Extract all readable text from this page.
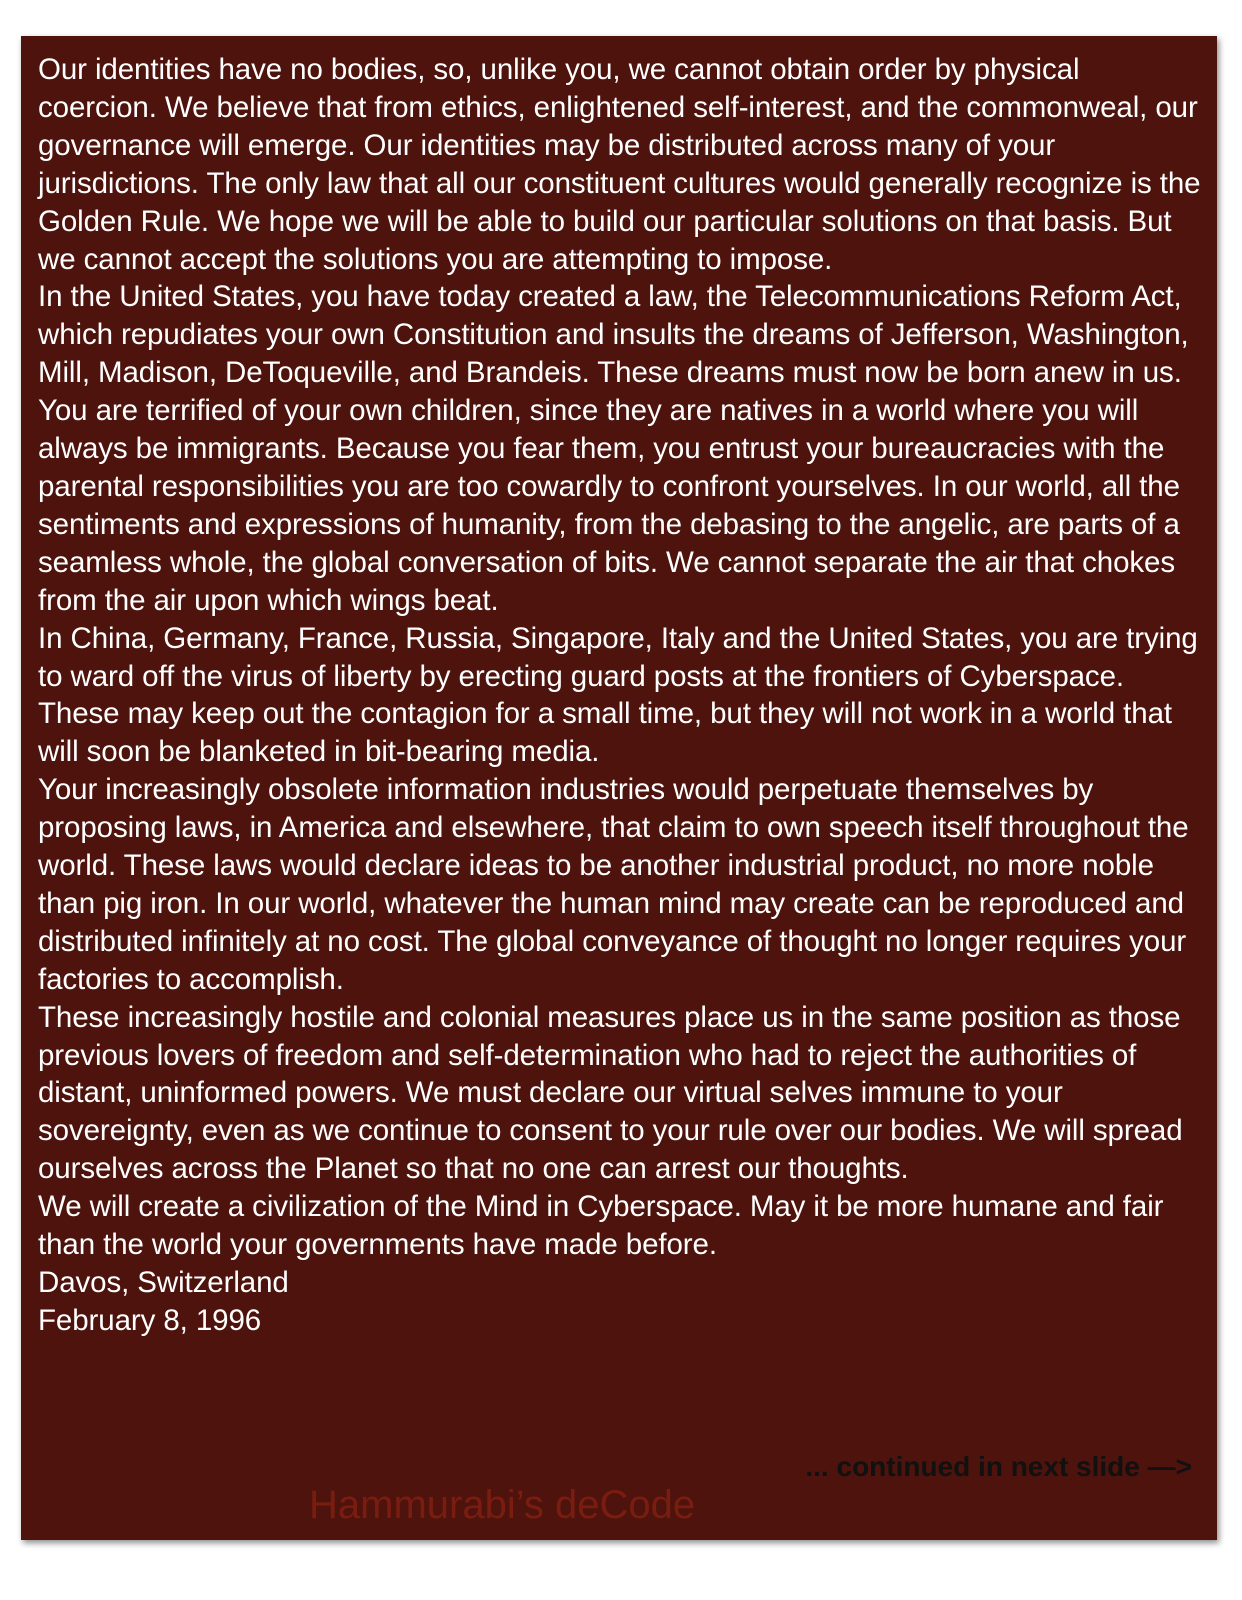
Our identities have no bodies, so, unlike you, we cannot obtain order by physical coercion. We believe that from ethics, enlightened self-interest, and the commonweal, our governance will emerge. Our identities may be distributed across many of your jurisdictions. The only law that all our constituent cultures would generally recognize is the Golden Rule. We hope we will be able to build our particular solutions on that basis. But we cannot accept the solutions you are attempting to impose.

In the United States, you have today created a law, the Telecommunications Reform Act, which repudiates your own Constitution and insults the dreams of Jefferson, Washington, Mill, Madison, DeToqueville, and Brandeis. These dreams must now be born anew in us.

You are terrified of your own children, since they are natives in a world where you will always be immigrants. Because you fear them, you entrust your bureaucracies with the parental responsibilities you are too cowardly to confront yourselves. In our world, all the sentiments and expressions of humanity, from the debasing to the angelic, are parts of a seamless whole, the global conversation of bits. We cannot separate the air that chokes from the air upon which wings beat.

In China, Germany, France, Russia, Singapore, Italy and the United States, you are trying to ward off the virus of liberty by erecting guard posts at the frontiers of Cyberspace. These may keep out the contagion for a small time, but they will not work in a world that will soon be blanketed in bit-bearing media.

Your increasingly obsolete information industries would perpetuate themselves by proposing laws, in America and elsewhere, that claim to own speech itself throughout the world. These laws would declare ideas to be another industrial product, no more noble than pig iron. In our world, whatever the human mind may create can be reproduced and distributed infinitely at no cost. The global conveyance of thought no longer requires your factories to accomplish.

These increasingly hostile and colonial measures place us in the same position as those previous lovers of freedom and self-determination who had to reject the authorities of distant, uninformed powers. We must declare our virtual selves immune to your sovereignty, even as we continue to consent to your rule over our bodies. We will spread ourselves across the Planet so that no one can arrest our thoughts.

We will create a civilization of the Mind in Cyberspace. May it be more humane and fair than the world your governments have made before.

Davos, Switzerland

February 8, 1996

Hammurabi’s deCode
... continued in next slide —>
